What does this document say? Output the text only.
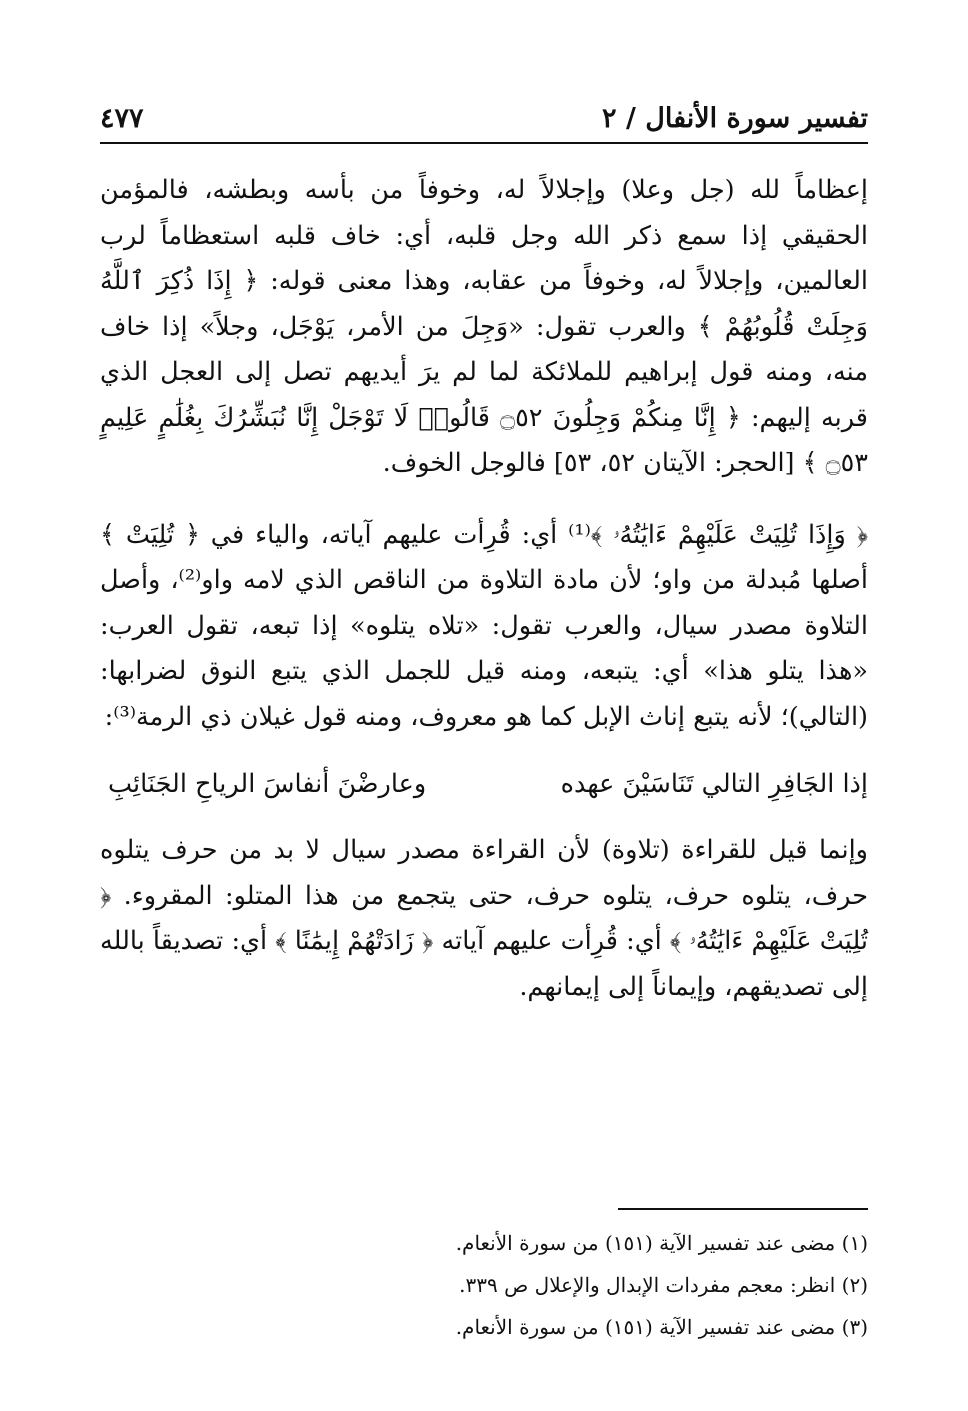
تفسير سورة الأنفال / ٢
٤٧٧

إعظاماً لله (جل وعلا) وإجلالاً له، وخوفاً من بأسه وبطشه، فالمؤمن الحقيقي إذا سمع ذكر الله وجل قلبه، أي: خاف قلبه استعظاماً لرب العالمين، وإجلالاً له، وخوفاً من عقابه، وهذا معنى قوله: ﴿ إِذَا ذُكِرَ ٱللَّهُ وَجِلَتْ قُلُوبُهُمْ ﴾ والعرب تقول: «وَجِلَ من الأمر، يَوْجَل، وجلاً» إذا خاف منه، ومنه قول إبراهيم للملائكة لما لم يرَ أيديهم تصل إلى العجل الذي قربه إليهم: ﴿ إِنَّا مِنكُمْ وَجِلُونَ ۝٥٢ قَالُوا۟ لَا تَوْجَلْ إِنَّا نُبَشِّرُكَ بِغُلَٰمٍ عَلِيمٍ ۝٥٣ ﴾ [الحجر: الآيتان ٥٢، ٥٣] فالوجل الخوف.

﴿ وَإِذَا تُلِيَتْ عَلَيْهِمْ ءَايَٰتُهُۥ ﴾⁽¹⁾ أي: قُرِأت عليهم آياته، والياء في ﴿ تُلِيَتْ ﴾ أصلها مُبدلة من واو؛ لأن مادة التلاوة من الناقص الذي لامه واو⁽²⁾، وأصل التلاوة مصدر سيال، والعرب تقول: «تلاه يتلوه» إذا تبعه، تقول العرب: «هذا يتلو هذا» أي: يتبعه، ومنه قيل للجمل الذي يتبع النوق لضرابها: (التالي)؛ لأنه يتبع إناث الإبل كما هو معروف، ومنه قول غيلان ذي الرمة⁽³⁾:

إذا الجَافِرِ التالي تَنَاسَيْنَ عهده
وعارضْنَ أنفاسَ الرياحِ الجَنَائِبِ

وإنما قيل للقراءة (تلاوة) لأن القراءة مصدر سيال لا بد من حرف يتلوه حرف، يتلوه حرف، يتلوه حرف، حتى يتجمع من هذا المتلو: المقروء. ﴿ تُلِيَتْ عَلَيْهِمْ ءَايَٰتُهُۥ ﴾ أي: قُرِأت عليهم آياته ﴿ زَادَتْهُمْ إِيمَٰنًا ﴾ أي: تصديقاً بالله إلى تصديقهم، وإيماناً إلى إيمانهم.

(١) مضى عند تفسير الآية (١٥١) من سورة الأنعام.
(٢) انظر: معجم مفردات الإبدال والإعلال ص ٣٣٩.
(٣) مضى عند تفسير الآية (١٥١) من سورة الأنعام.
